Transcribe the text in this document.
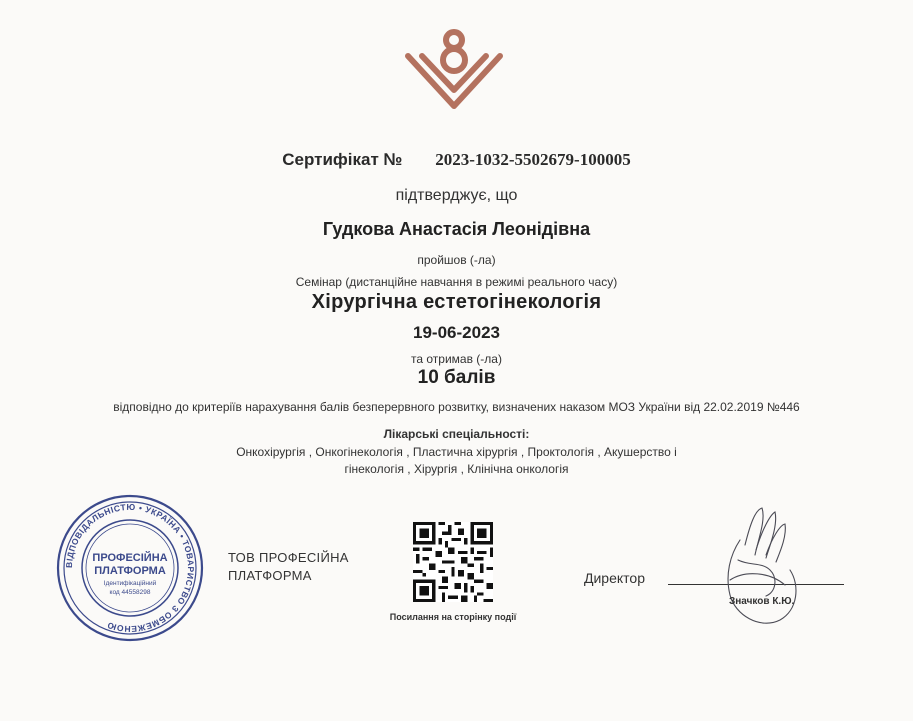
Сертифікат № 2023-1032-5502679-100005
підтверджує, що
Гудкова Анастасія Леонідівна
пройшов (-ла)
Семінар (дистанційне навчання в режимі реального часу)
Хірургічна естетогінекологія
19-06-2023
та отримав (-ла)
10 балів
відповідно до критеріїв нарахування балів безперервного розвитку, визначених наказом МОЗ України від 22.02.2019 №446
Лікарські спеціальності:
Онкохірургія , Онкогінекологія , Пластична хірургія , Проктологія , Акушерство і
гінекологія , Хірургія , Клінічна онкологія
ВІДПОВІДАЛЬНІСТЮ • УКРАЇНА • ТОВАРИСТВО З ОБМЕЖЕНОЮ
ПРОФЕСІЙНА
ПЛАТФОРМА
Ідентифікаційний
код 44558298
ТОВ ПРОФЕСІЙНА
ПЛАТФОРМА
Посилання на сторінку події
Директор
Значков К.Ю.
